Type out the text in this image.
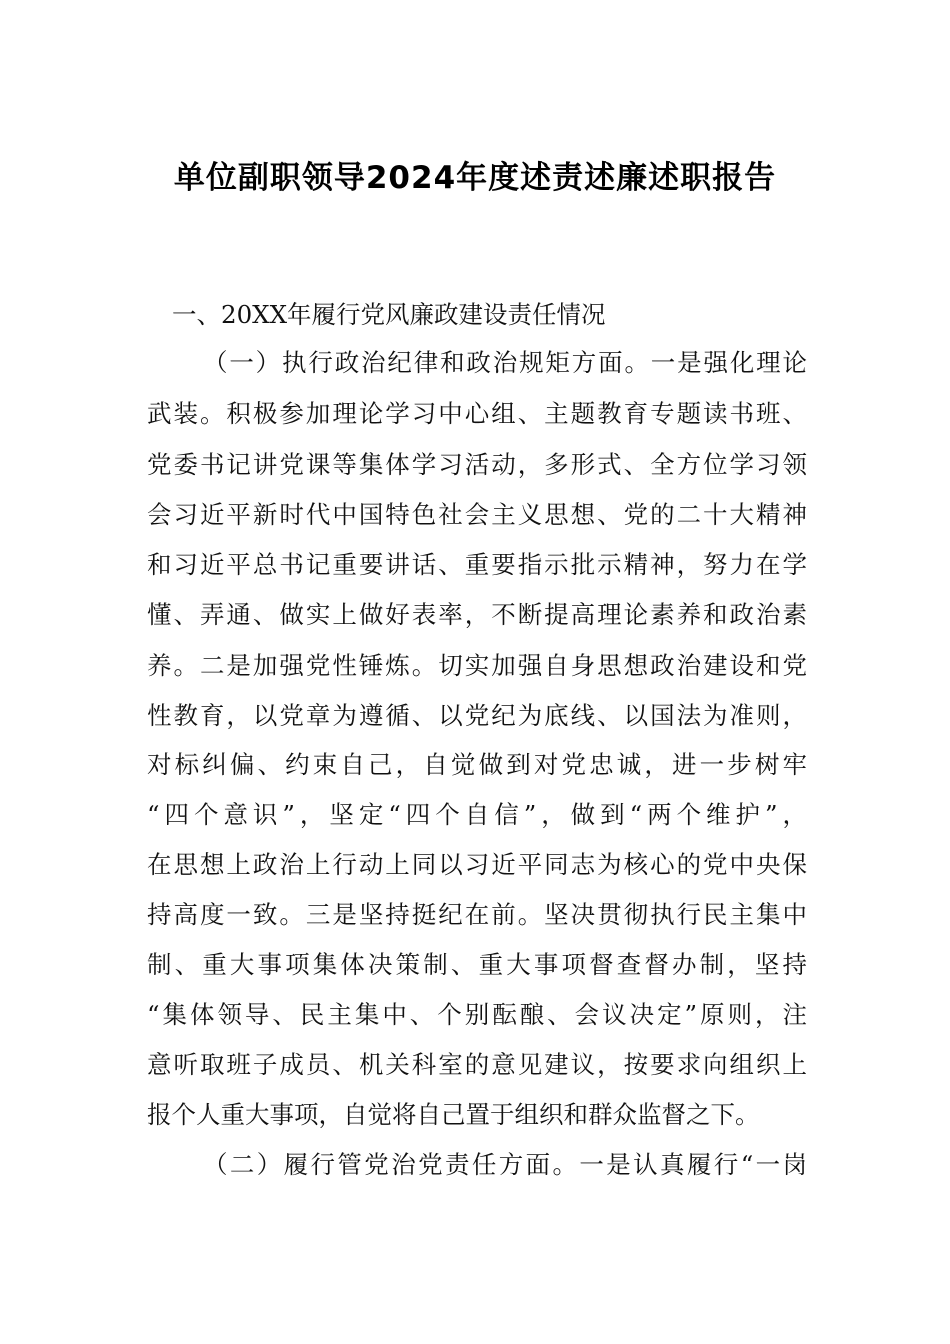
单位副职领导2024年度述责述廉述职报告
一、20XX年履行党风廉政建设责任情况
（一）执行政治纪律和政治规矩方面。一是强化理论
武装。积极参加理论学习中心组、主题教育专题读书班、
党委书记讲党课等集体学习活动，多形式、全方位学习领
会习近平新时代中国特色社会主义思想、党的二十大精神
和习近平总书记重要讲话、重要指示批示精神，努力在学
懂、弄通、做实上做好表率，不断提高理论素养和政治素
养。二是加强党性锤炼。切实加强自身思想政治建设和党
性教育，以党章为遵循、以党纪为底线、以国法为准则，
对标纠偏、约束自己，自觉做到对党忠诚，进一步树牢
“四个意识”，坚定“四个自信”，做到“两个维护”，
在思想上政治上行动上同以习近平同志为核心的党中央保
持高度一致。三是坚持挺纪在前。坚决贯彻执行民主集中
制、重大事项集体决策制、重大事项督查督办制，坚持
“集体领导、民主集中、个别酝酿、会议决定”原则，注
意听取班子成员、机关科室的意见建议，按要求向组织上
报个人重大事项，自觉将自己置于组织和群众监督之下。
（二）履行管党治党责任方面。一是认真履行“一岗
